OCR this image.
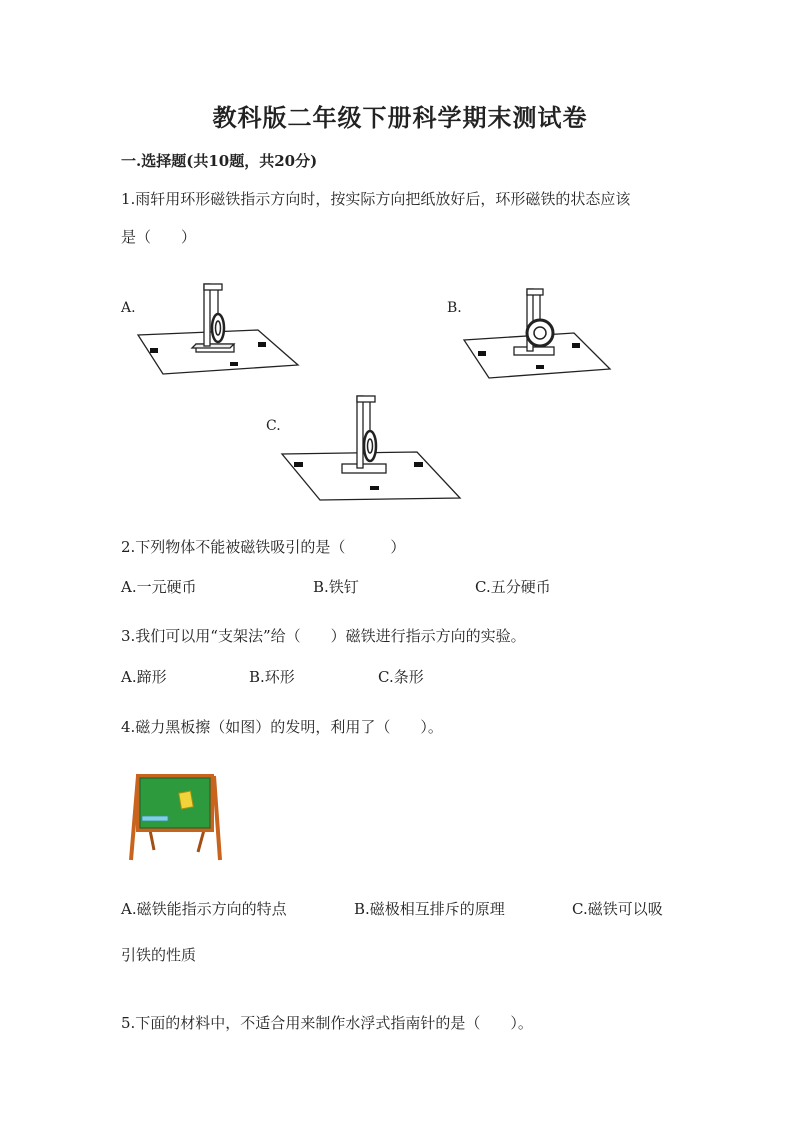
教科版二年级下册科学期末测试卷
一.选择题(共10题，共20分)
1.雨轩用环形磁铁指示方向时，按实际方向把纸放好后，环形磁铁的状态应该
是（　　）
A.	B.
C.
2.下列物体不能被磁铁吸引的是（　　　）
A.一元硬币	B.铁钉	C.五分硬币
3.我们可以用“支架法”给（　　）磁铁进行指示方向的实验。
A.蹄形	B.环形	C.条形
4.磁力黑板擦（如图）的发明，利用了（　　）。
A.磁铁能指示方向的特点	B.磁极相互排斥的原理	C.磁铁可以吸
引铁的性质
5.下面的材料中，不适合用来制作水浮式指南针的是（　　）。
